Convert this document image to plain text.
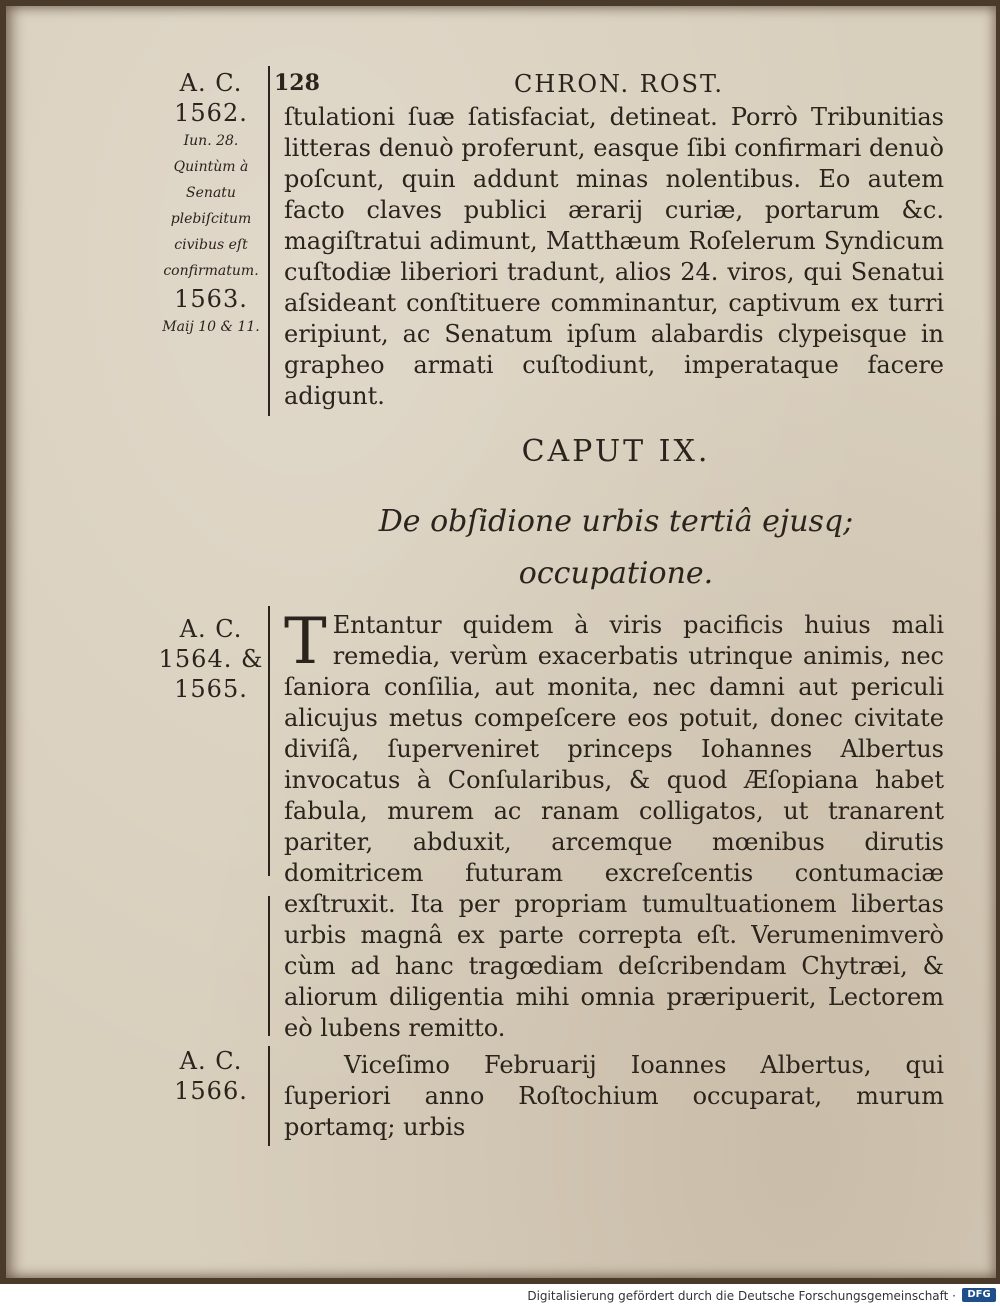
128	CHRON. ROST.
A. C.
1562.
Iun. 28.
Quintùm à Senatu plebiſcitum civibus eſt confirmatum.
1563.
Maij 10 & 11.
A. C.
1564. &
1565.
A. C.
1566.
ſtulationi ſuæ ſatisfaciat, detineat. Porrò Tribunitias litteras denuò proferunt, easque ſibi confirmari denuò poſcunt, quin addunt minas nolentibus. Eo autem facto claves publici ærarij curiæ, portarum &c. magiſtratui adimunt, Matthæum Roſelerum Syndicum cuſtodiæ liberiori tradunt, alios 24. viros, qui Senatui aſsideant conſtituere comminantur, captivum ex turri eripiunt, ac Senatum ipſum alabardis clypeisque in grapheo armati cuſtodiunt, imperataque facere adigunt.
CAPUT IX.
De obſidione urbis tertiâ ejusq;
occupatione.
T Entantur quidem à viris pacificis huius mali remedia, verùm exacerbatis utrinque animis, nec ſaniora conſilia, aut monita, nec damni aut periculi alicujus metus compeſcere eos potuit, donec civitate diviſâ, ſuperveniret princeps Iohannes Albertus invocatus à Conſularibus, & quod Æſopiana habet fabula, murem ac ranam colligatos, ut tranarent pariter, abduxit, arcemque mœnibus dirutis domitricem futuram excreſcentis contumaciæ exſtruxit. Ita per propriam tumultuationem libertas urbis magnâ ex parte correpta eſt. Verumenimverò cùm ad hanc tragœdiam deſcribendam Chytræi, & aliorum diligentia mihi omnia præripuerit, Lectorem eò lubens remitto.
Viceſimo Februarij Ioannes Albertus, qui ſuperiori anno Roſtochium occuparat, murum portamq; urbis
Digitalisierung gefördert durch die Deutsche Forschungsgemeinschaft ·	DFG
